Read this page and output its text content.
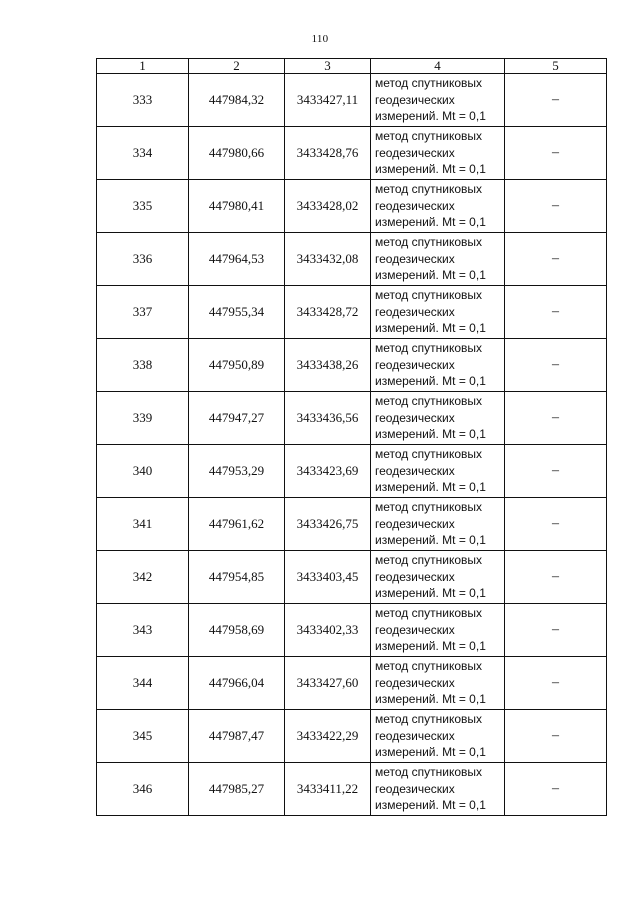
110
1	2	3	4	5
333	447984,32	3433427,11	метод спутниковых
геодезических
измерений. Mt = 0,1	–
334	447980,66	3433428,76	метод спутниковых
геодезических
измерений. Mt = 0,1	–
335	447980,41	3433428,02	метод спутниковых
геодезических
измерений. Mt = 0,1	–
336	447964,53	3433432,08	метод спутниковых
геодезических
измерений. Mt = 0,1	–
337	447955,34	3433428,72	метод спутниковых
геодезических
измерений. Mt = 0,1	–
338	447950,89	3433438,26	метод спутниковых
геодезических
измерений. Mt = 0,1	–
339	447947,27	3433436,56	метод спутниковых
геодезических
измерений. Mt = 0,1	–
340	447953,29	3433423,69	метод спутниковых
геодезических
измерений. Mt = 0,1	–
341	447961,62	3433426,75	метод спутниковых
геодезических
измерений. Mt = 0,1	–
342	447954,85	3433403,45	метод спутниковых
геодезических
измерений. Mt = 0,1	–
343	447958,69	3433402,33	метод спутниковых
геодезических
измерений. Mt = 0,1	–
344	447966,04	3433427,60	метод спутниковых
геодезических
измерений. Mt = 0,1	–
345	447987,47	3433422,29	метод спутниковых
геодезических
измерений. Mt = 0,1	–
346	447985,27	3433411,22	метод спутниковых
геодезических
измерений. Mt = 0,1	–
